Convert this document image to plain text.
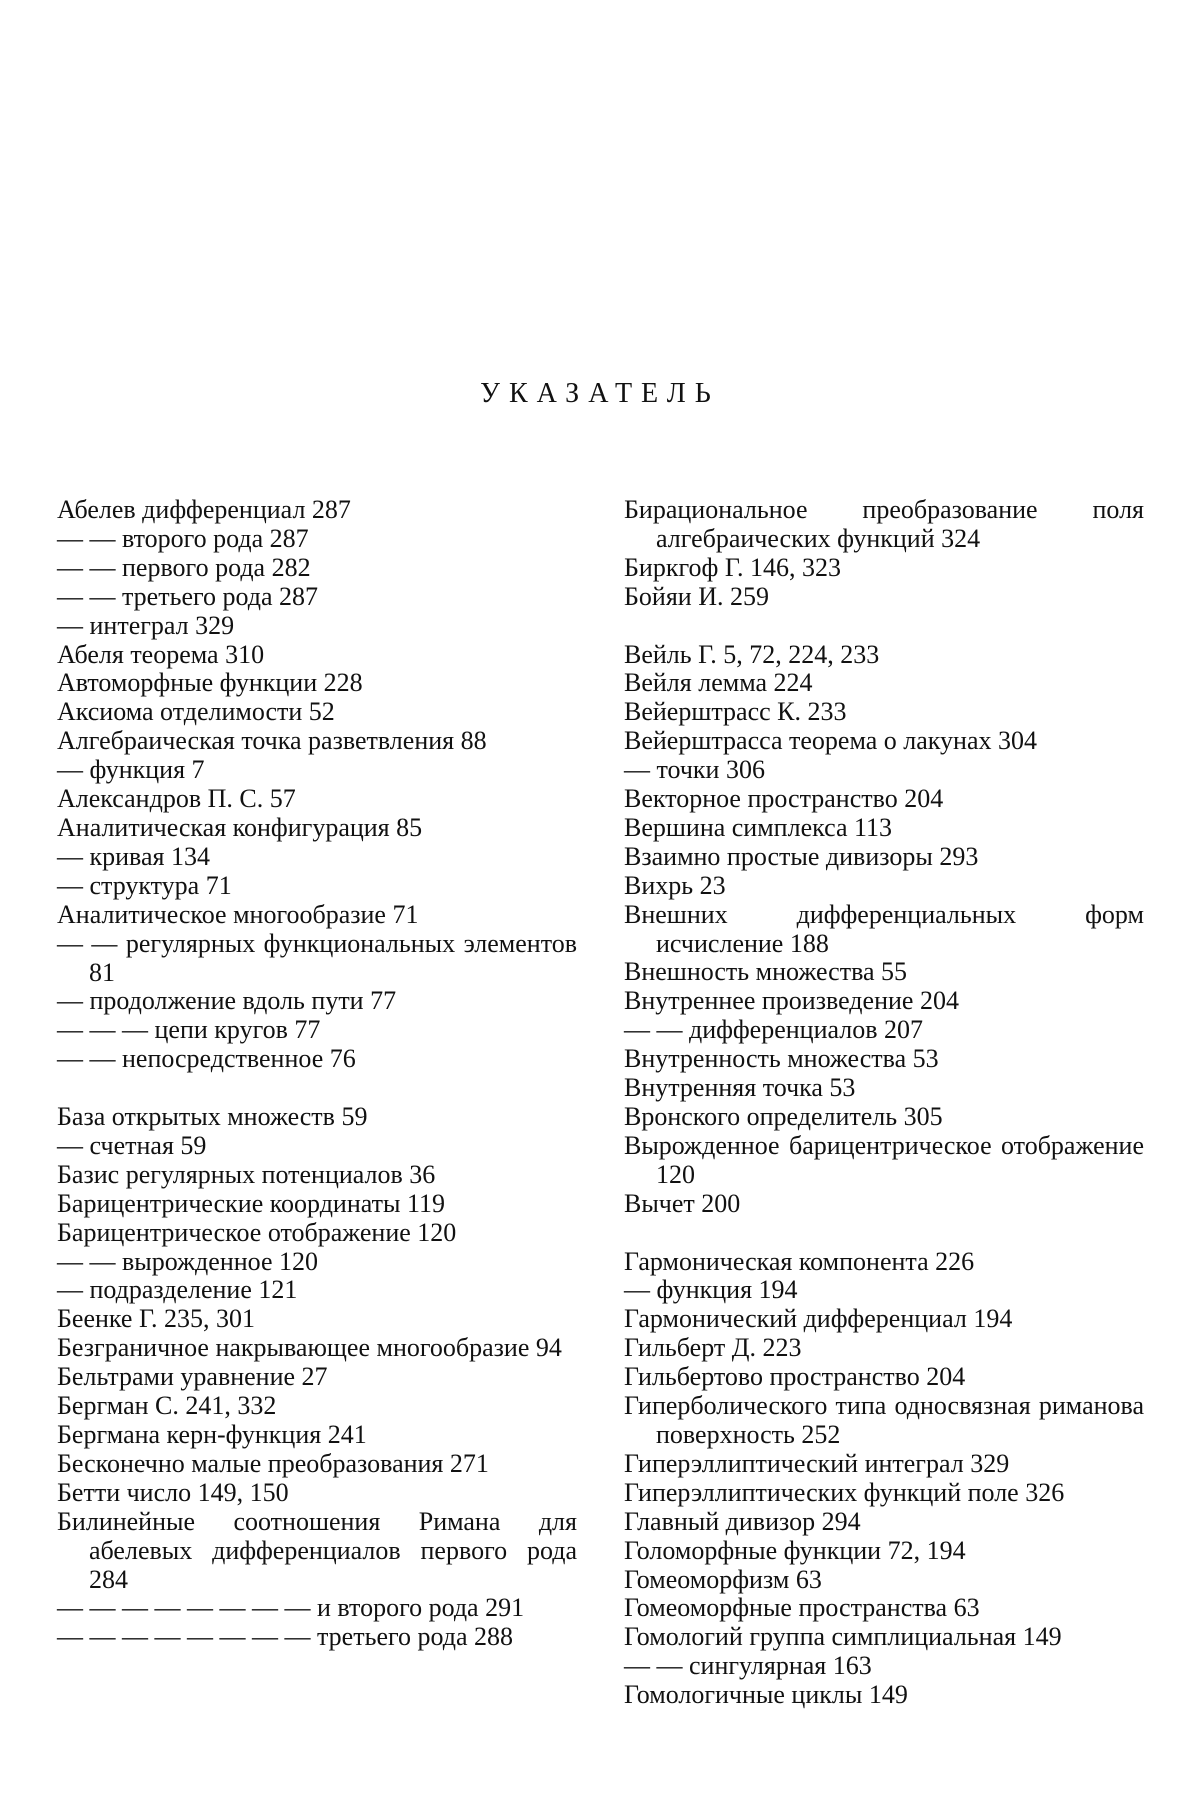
УКАЗАТЕЛЬ
Абелев дифференциал 287
— — второго рода 287
— — первого рода 282
— — третьего рода 287
— интеграл 329
Абеля теорема 310
Автоморфные функции 228
Аксиома отделимости 52
Алгебраическая точка разветвления 88
— функция 7
Александров П. С. 57
Аналитическая конфигурация 85
— кривая 134
— структура 71
Аналитическое многообразие 71
— — регулярных функциональных элементов 81
— продолжение вдоль пути 77
— — — цепи кругов 77
— — непосредственное 76
База открытых множеств 59
— счетная 59
Базис регулярных потенциалов 36
Барицентрические координаты 119
Барицентрическое отображение 120
— — вырожденное 120
— подразделение 121
Беенке Г. 235, 301
Безграничное накрывающее многообразие 94
Бельтрами уравнение 27
Бергман С. 241, 332
Бергмана керн-функция 241
Бесконечно малые преобразования 271
Бетти число 149, 150
Билинейные соотношения Римана для абелевых дифференциалов первого рода 284
— — — — — — — — и второго рода 291
— — — — — — — — третьего рода 288
Бирациональное преобразование поля алгебраических функций 324
Биркгоф Г. 146, 323
Бойяи И. 259
Вейль Г. 5, 72, 224, 233
Вейля лемма 224
Вейерштрасс К. 233
Вейерштрасса теорема о лакунах 304
— точки 306
Векторное пространство 204
Вершина симплекса 113
Взаимно простые дивизоры 293
Вихрь 23
Внешних дифференциальных форм исчисление 188
Внешность множества 55
Внутреннее произведение 204
— — дифференциалов 207
Внутренность множества 53
Внутренняя точка 53
Вронского определитель 305
Вырожденное барицентрическое отображение 120
Вычет 200
Гармоническая компонента 226
— функция 194
Гармонический дифференциал 194
Гильберт Д. 223
Гильбертово пространство 204
Гиперболического типа односвязная риманова поверхность 252
Гиперэллиптический интеграл 329
Гиперэллиптических функций поле 326
Главный дивизор 294
Голоморфные функции 72, 194
Гомеоморфизм 63
Гомеоморфные пространства 63
Гомологий группа симплициальная 149
— — сингулярная 163
Гомологичные циклы 149
